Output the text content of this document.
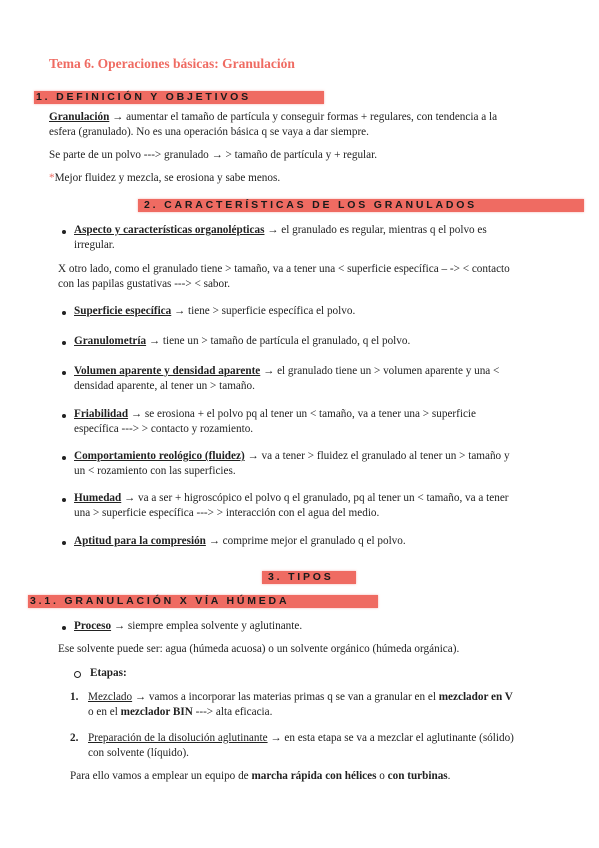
Tema 6. Operaciones básicas: Granulación
1. DEFINICIÓN Y OBJETIVOS
Granulación → aumentar el tamaño de partícula y conseguir formas + regulares, con tendencia a la
esfera (granulado). No es una operación básica q se vaya a dar siempre.
Se parte de un polvo ---> granulado → > tamaño de partícula y + regular.
*Mejor fluidez y mezcla, se erosiona y sabe menos.
2. CARACTERÍSTICAS DE LOS GRANULADOS
Aspecto y características organolépticas → el granulado es regular, mientras q el polvo es
irregular.
X otro lado, como el granulado tiene > tamaño, va a tener una < superficie específica – -> < contacto
con las papilas gustativas ---> < sabor.
Superficie específica → tiene > superficie específica el polvo.
Granulometría → tiene un > tamaño de partícula el granulado, q el polvo.
Volumen aparente y densidad aparente → el granulado tiene un > volumen aparente y una <
densidad aparente, al tener un > tamaño.
Friabilidad → se erosiona + el polvo pq al tener un < tamaño, va a tener una > superficie
específica ---> > contacto y rozamiento.
Comportamiento reológico (fluidez) → va a tener > fluidez el granulado al tener un > tamaño y
un < rozamiento con las superficies.
Humedad → va a ser + higroscópico el polvo q el granulado, pq al tener un < tamaño, va a tener
una > superficie específica ---> > interacción con el agua del medio.
Aptitud para la compresión → comprime mejor el granulado q el polvo.
3. TIPOS
3.1. GRANULACIÓN X VÍA HÚMEDA
Proceso → siempre emplea solvente y aglutinante.
Ese solvente puede ser: agua (húmeda acuosa) o un solvente orgánico (húmeda orgánica).
Etapas:
1. Mezclado → vamos a incorporar las materias primas q se van a granular en el mezclador en V
o en el mezclador BIN ---> alta eficacia.
2. Preparación de la disolución aglutinante → en esta etapa se va a mezclar el aglutinante (sólido)
con solvente (líquido).
Para ello vamos a emplear un equipo de marcha rápida con hélices o con turbinas.
